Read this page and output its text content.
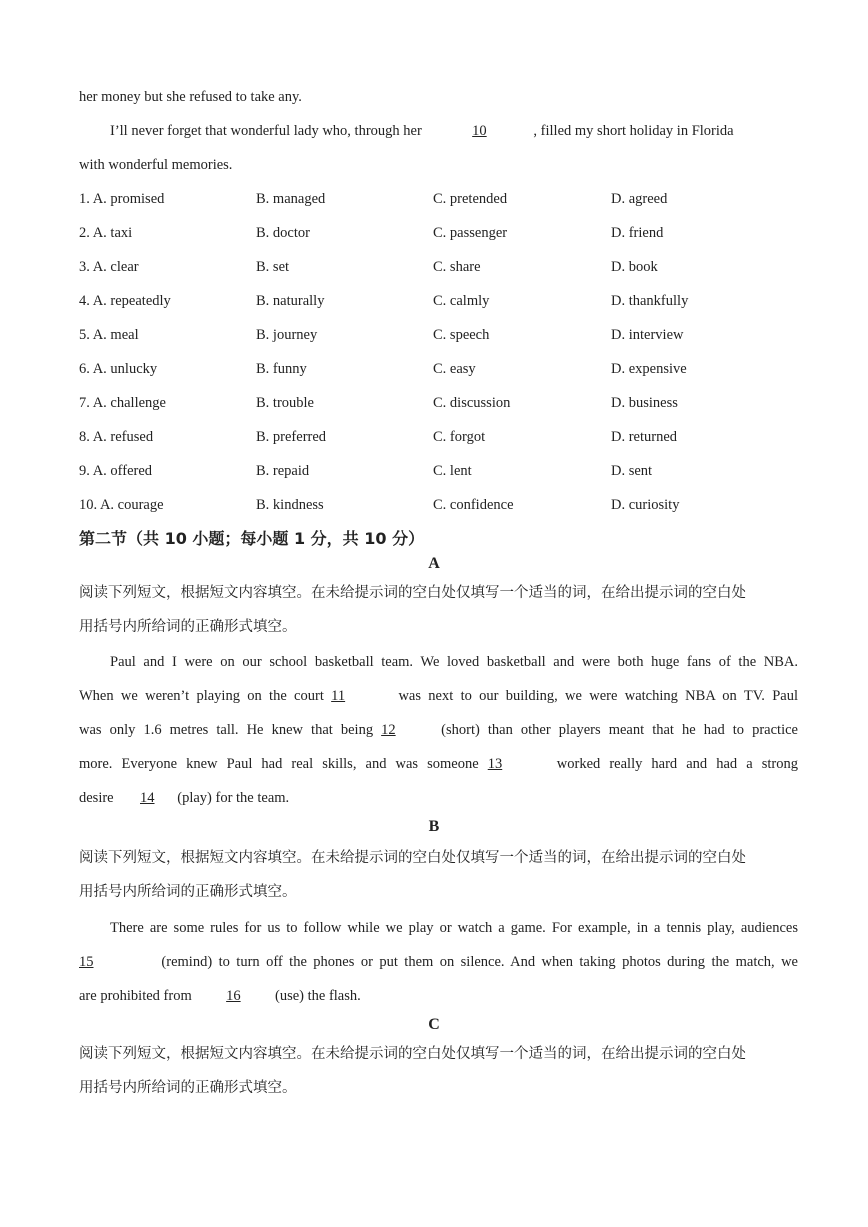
her money but she refused to take any.
I’ll never forget that wonderful lady who, through her	10	, filled my short holiday in Florida
with wonderful memories.
1. A. promised	B. managed	C. pretended	D. agreed
2. A. taxi	B. doctor	C. passenger	D. friend
3. A. clear	B. set	C. share	D. book
4. A. repeatedly	B. naturally	C. calmly	D. thankfully
5. A. meal	B. journey	C. speech	D. interview
6. A. unlucky	B. funny	C. easy	D. expensive
7. A. challenge	B. trouble	C. discussion	D. business
8. A. refused	B. preferred	C. forgot	D. returned
9. A. offered	B. repaid	C. lent	D. sent
10. A. courage	B. kindness	C. confidence	D. curiosity
第二节（共 10 小题；每小题 1 分，共 10 分）
A
阅读下列短文，根据短文内容填空。在未给提示词的空白处仅填写一个适当的词，在给出提示词的空白处
用括号内所给词的正确形式填空。
Paul and I were on our school basketball team. We loved basketball and were both huge fans of the NBA.
When we weren’t playing on the court 11	was next to our building, we were watching NBA on TV. Paul
was only 1.6 metres tall. He knew that being 12	(short) than other players meant that he had to practice
more. Everyone knew Paul had real skills, and was someone 13	worked really hard and had a strong
desire 14 (play) for the team.
B
阅读下列短文，根据短文内容填空。在未给提示词的空白处仅填写一个适当的词，在给出提示词的空白处
用括号内所给词的正确形式填空。
There are some rules for us to follow while we play or watch a game. For example, in a tennis play, audiences
15	(remind) to turn off the phones or put them on silence. And when taking photos during the match, we
are prohibited from 16 (use) the flash.
C
阅读下列短文，根据短文内容填空。在未给提示词的空白处仅填写一个适当的词，在给出提示词的空白处
用括号内所给词的正确形式填空。
